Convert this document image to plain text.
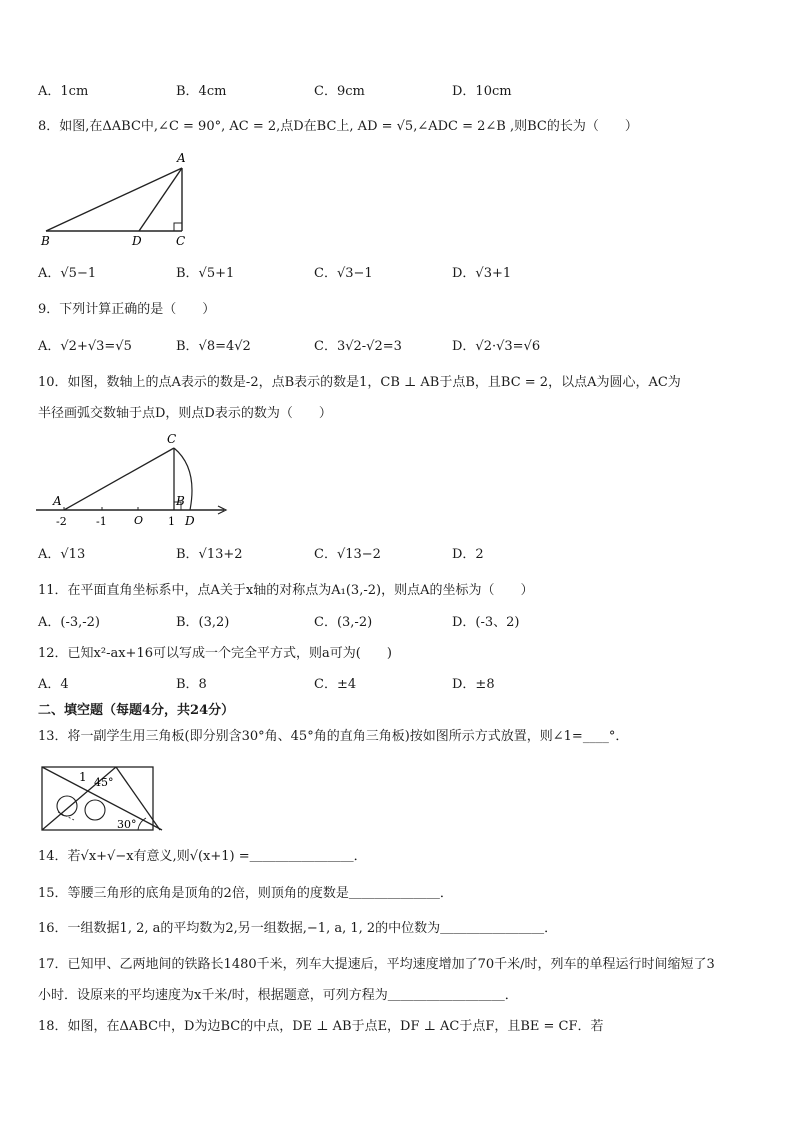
A．1cm	B．4cm	C．9cm	D．10cm
8．如图,在ΔABC中,∠C = 90°, AC = 2,点D在BC上, AD = √5,∠ADC = 2∠B ,则BC的长为（　　）
A
B	D	C
A．√5−1	B．√5+1	C．√3−1	D．√3+1
9．下列计算正确的是（　　）
A．√2+√3=√5	B．√8=4√2	C．3√2-√2=3	D．√2·√3=√6
10．如图，数轴上的点A表示的数是-2，点B表示的数是1，CB ⊥ AB于点B，且BC = 2，以点A为圆心，AC为
半径画弧交数轴于点D，则点D表示的数为（　　）
A	B
C
D
O
-2	-1	1
A．√13	B．√13+2	C．√13−2	D．2
11．在平面直角坐标系中，点A关于x轴的对称点为A₁(3,-2)，则点A的坐标为（　　）
A．(-3,-2)	B．(3,2)	C．(3,-2)	D．(-3、2)
12．已知x²-ax+16可以写成一个完全平方式，则a可为(　　)
A．4	B．8	C．±4	D．±8
二、填空题（每题4分，共24分）
13．将一副学生用三角板(即分别含30°角、45°角的直角三角板)按如图所示方式放置，则∠1=____°．
1 45°
30°
14．若√x+√−x有意义,则√(x+1) =＿＿＿＿＿＿＿＿．
15．等腰三角形的底角是顶角的2倍，则顶角的度数是＿＿＿＿＿＿＿．
16．一组数据1, 2, a的平均数为2,另一组数据,−1, a, 1, 2的中位数为＿＿＿＿＿＿＿＿．
17．已知甲、乙两地间的铁路长1480千米，列车大提速后，平均速度增加了70千米/时，列车的单程运行时间缩短了3
小时．设原来的平均速度为x千米/时，根据题意，可列方程为＿＿＿＿＿＿＿＿＿．
18．如图，在ΔABC中，D为边BC的中点，DE ⊥ AB于点E，DF ⊥ AC于点F，且BE = CF．若
